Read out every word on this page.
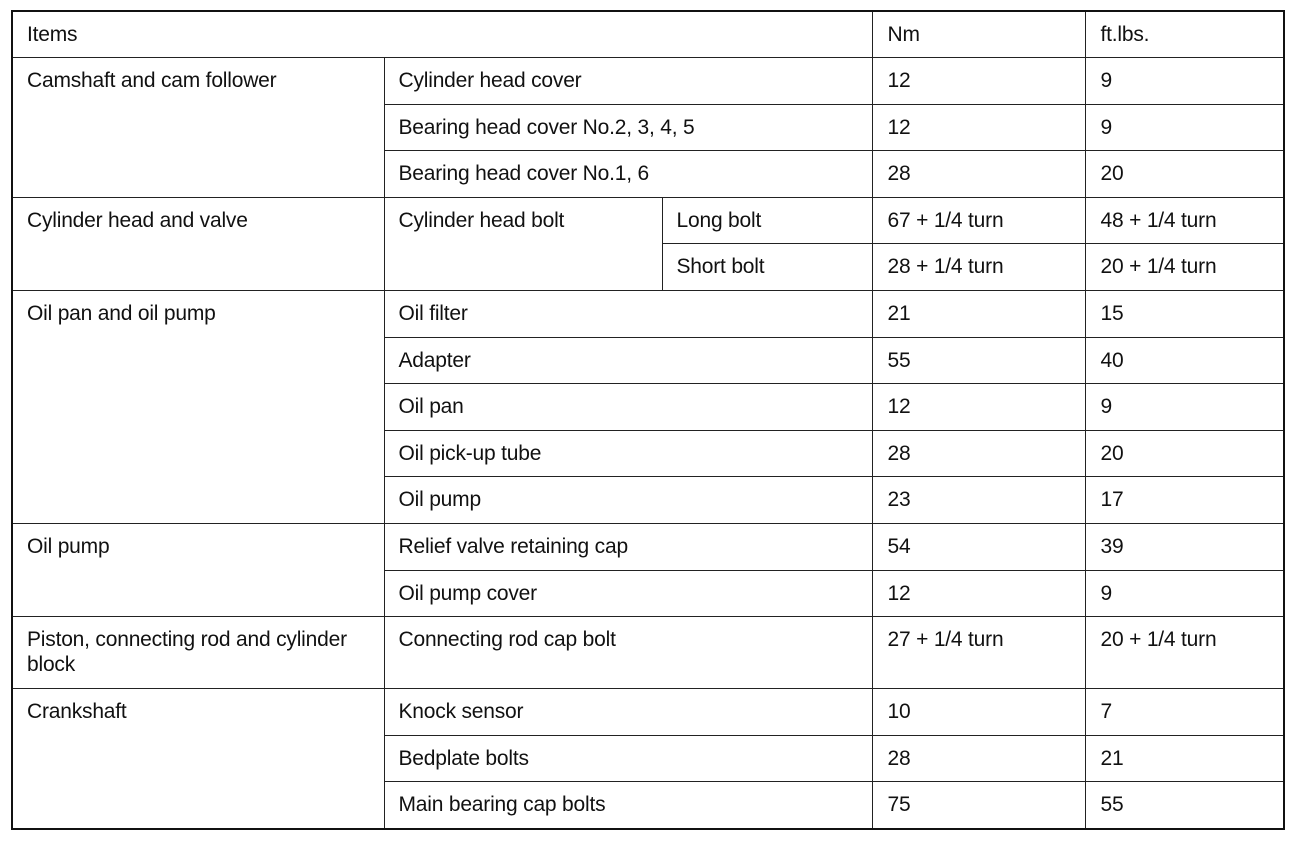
Items			Nm	ft.lbs.
Camshaft and cam follower	Cylinder head cover		12	9
	Bearing head cover No.2, 3, 4, 5		12	9
	Bearing head cover No.1, 6		28	20
Cylinder head and valve	Cylinder head bolt	Long bolt	67 + 1/4 turn	48 + 1/4 turn
		Short bolt	28 + 1/4 turn	20 + 1/4 turn
Oil pan and oil pump	Oil filter		21	15
	Adapter		55	40
	Oil pan		12	9
	Oil pick-up tube		28	20
	Oil pump		23	17
Oil pump	Relief valve retaining cap		54	39
	Oil pump cover		12	9
Piston, connecting rod and cylinder block	Connecting rod cap bolt		27 + 1/4 turn	20 + 1/4 turn
Crankshaft	Knock sensor		10	7
	Bedplate bolts		28	21
	Main bearing cap bolts		75	55
